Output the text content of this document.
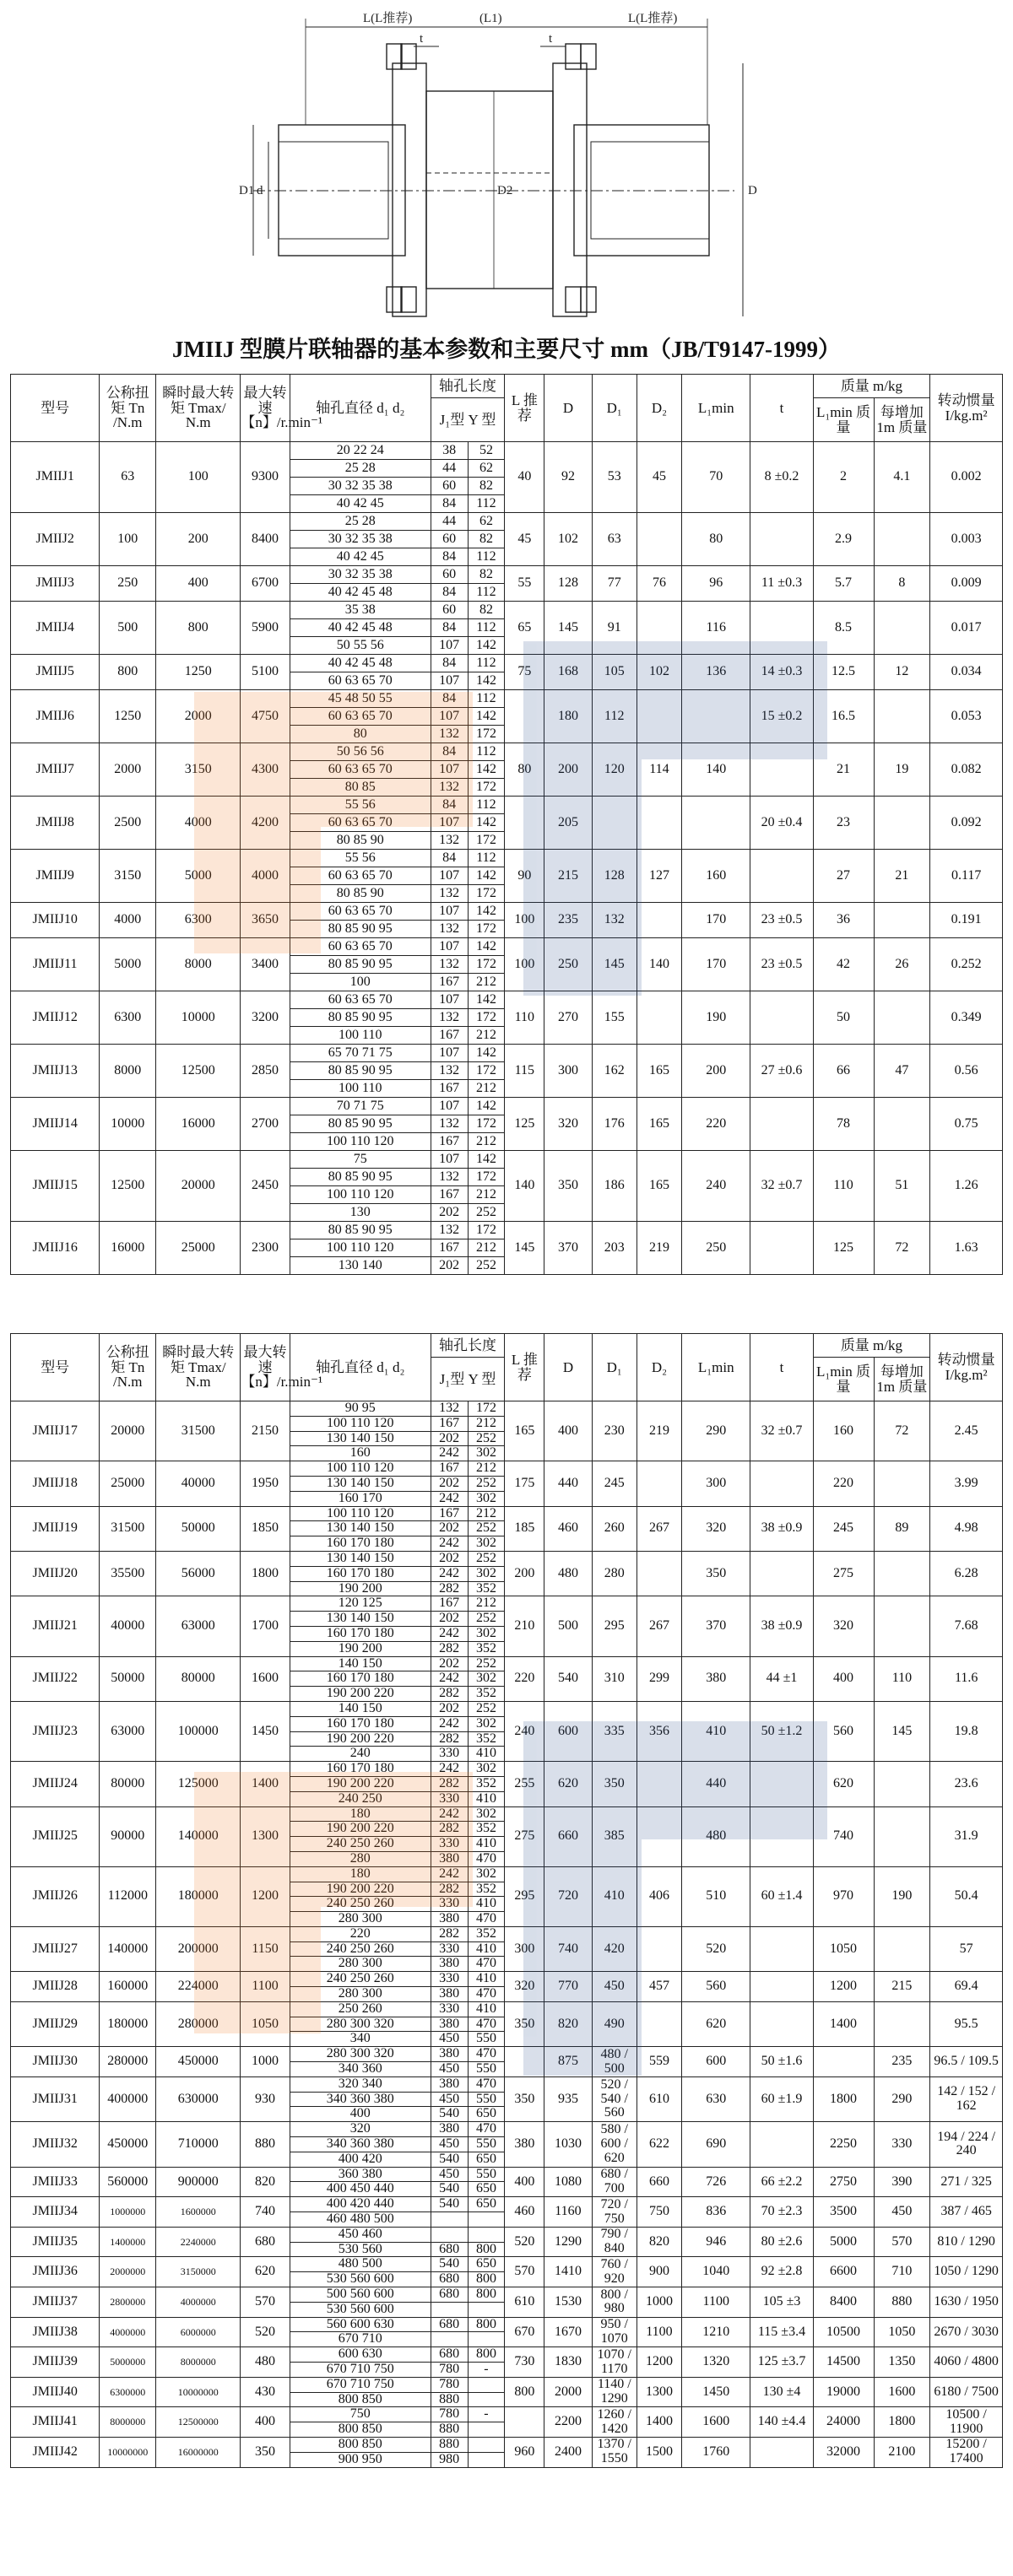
L(L推荐)	(L1)	L(L推荐)
t	t
D1 d	D2	D
JMIIJ 型膜片联轴器的基本参数和主要尺寸 mm（JB/T9147-1999）
型号	公称扭矩 Tn /N.m	瞬时最大转矩 Tmax/ N.m	最大转速【n】/r.min⁻¹	轴孔直径 d₁ d₂	轴孔长度		L 推荐	D	D₁	D₂	L₁min	t	质量 m/kg		转动惯量 I/kg.m²
					J₁型 Y 型								L₁min 质量	每增加1m 质量	
JMIIJ1	63	100	9300	20 22 24	38	52	40	92	53	45	70	8 ±0.2	2	4.1	0.002
				25 28	44	62									
				30 32 35 38	60	82									
				40 42 45	84	112									
JMIIJ2	100	200	8400	25 28	44	62	45	102	63		80		2.9		0.003
				30 32 35 38	60	82									
				40 42 45	84	112									
JMIIJ3	250	400	6700	30 32 35 38	60	82	55	128	77	76	96	11 ±0.3	5.7	8	0.009
				40 42 45 48	84	112									
JMIIJ4	500	800	5900	35 38	60	82	65	145	91		116		8.5		0.017
				40 42 45 48	84	112									
				50 55 56	107	142									
JMIIJ5	800	1250	5100	40 42 45 48	84	112	75	168	105	102	136	14 ±0.3	12.5	12	0.034
				60 63 65 70	107	142									
JMIIJ6	1250	2000	4750	45 48 50 55	84	112		180	112			15 ±0.2	16.5		0.053
				60 63 65 70	107	142									
				80	132	172									
JMIIJ7	2000	3150	4300	50 56 56	84	112	80	200	120	114	140		21	19	0.082
				60 63 65 70	107	142									
				80 85	132	172									
JMIIJ8	2500	4000	4200	55 56	84	112		205				20 ±0.4	23		0.092
				60 63 65 70	107	142									
				80 85 90	132	172									
JMIIJ9	3150	5000	4000	55 56	84	112	90	215	128	127	160		27	21	0.117
				60 63 65 70	107	142									
				80 85 90	132	172									
JMIIJ10	4000	6300	3650	60 63 65 70	107	142	100	235	132		170	23 ±0.5	36		0.191
				80 85 90 95	132	172									
JMIIJ11	5000	8000	3400	60 63 65 70	107	142	100	250	145	140	170	23 ±0.5	42	26	0.252
				80 85 90 95	132	172									
				100	167	212									
JMIIJ12	6300	10000	3200	60 63 65 70	107	142	110	270	155		190		50		0.349
				80 85 90 95	132	172									
				100 110	167	212									
JMIIJ13	8000	12500	2850	65 70 71 75	107	142	115	300	162	165	200	27 ±0.6	66	47	0.56
				80 85 90 95	132	172									
				100 110	167	212									
JMIIJ14	10000	16000	2700	70 71 75	107	142	125	320	176	165	220		78		0.75
				80 85 90 95	132	172									
				100 110 120	167	212									
JMIIJ15	12500	20000	2450	75	107	142	140	350	186	165	240	32 ±0.7	110	51	1.26
				80 85 90 95	132	172									
				100 110 120	167	212									
				130	202	252									
JMIIJ16	16000	25000	2300	80 85 90 95	132	172	145	370	203	219	250		125	72	1.63
				100 110 120	167	212									
				130 140	202	252									
型号	公称扭矩 Tn /N.m	瞬时最大转矩 Tmax/ N.m	最大转速【n】/r.min⁻¹	轴孔直径 d₁ d₂	轴孔长度		L 推荐	D	D₁	D₂	L₁min	t	质量 m/kg		转动惯量 I/kg.m²
					J₁型 Y 型								L₁min 质量	每增加1m 质量	
JMIIJ17	20000	31500	2150	90 95	132	172	165	400	230	219	290	32 ±0.7	160	72	2.45
				100 110 120	167	212									
				130 140 150	202	252									
				160	242	302									
JMIIJ18	25000	40000	1950	100 110 120	167	212	175	440	245		300		220		3.99
				130 140 150	202	252									
				160 170	242	302									
JMIIJ19	31500	50000	1850	100 110 120	167	212	185	460	260	267	320	38 ±0.9	245	89	4.98
				130 140 150	202	252									
				160 170 180	242	302									
JMIIJ20	35500	56000	1800	130 140 150	202	252	200	480	280		350		275		6.28
				160 170 180	242	302									
				190 200	282	352									
JMIIJ21	40000	63000	1700	120 125	167	212	210	500	295	267	370	38 ±0.9	320		7.68
				130 140 150	202	252									
				160 170 180	242	302									
				190 200	282	352									
JMIIJ22	50000	80000	1600	140 150	202	252	220	540	310	299	380	44 ±1	400	110	11.6
				160 170 180	242	302									
				190 200 220	282	352									
JMIIJ23	63000	100000	1450	140 150	202	252	240	600	335	356	410	50 ±1.2	560	145	19.8
				160 170 180	242	302									
				190 200 220	282	352									
				240	330	410									
JMIIJ24	80000	125000	1400	160 170 180	242	302	255	620	350		440		620		23.6
				190 200 220	282	352									
				240 250	330	410									
JMIIJ25	90000	140000	1300	180	242	302	275	660	385		480		740		31.9
				190 200 220	282	352									
				240 250 260	330	410									
				280	380	470									
JMIIJ26	112000	180000	1200	180	242	302	295	720	410	406	510	60 ±1.4	970	190	50.4
				190 200 220	282	352									
				240 250 260	330	410									
				280 300	380	470									
JMIIJ27	140000	200000	1150	220	282	352	300	740	420		520		1050		57
				240 250 260	330	410									
				280 300	380	470									
JMIIJ28	160000	224000	1100	240 250 260	330	410	320	770	450	457	560		1200	215	69.4
				280 300	380	470									
JMIIJ29	180000	280000	1050	250 260	330	410	350	820	490		620		1400		95.5
				280 300 320	380	470									
				340	450	550									
JMIIJ30	280000	450000	1000	280 300 320	380	470		875	480 / 500	559	600	50 ±1.6		235	96.5 / 109.5
				340 360	450	550									
JMIIJ31	400000	630000	930	320 340	380	470	350	935	520 / 540 / 560	610	630	60 ±1.9	1800	290	142 / 152 / 162
				340 360 380	450	550									
				400	540	650									
JMIIJ32	450000	710000	880	320	380	470	380	1030	580 / 600 / 620	622	690		2250	330	194 / 224 / 240
				340 360 380	450	550									
				400 420	540	650									
JMIIJ33	560000	900000	820	360 380	450	550	400	1080	680 / 700	660	726	66 ±2.2	2750	390	271 / 325
				400 450 440	540	650									
JMIIJ34	1000000	1600000	740	400 420 440	540	650	460	1160	720 / 750	750	836	70 ±2.3	3500	450	387 / 465
				460 480 500											
JMIIJ35	1400000	2240000	680	450 460			520	1290	790 / 840	820	946	80 ±2.6	5000	570	810 / 1290
				530 560	680	800									
JMIIJ36	2000000	3150000	620	480 500	540	650	570	1410	760 / 920	900	1040	92 ±2.8	6600	710	1050 / 1290
				530 560 600	680	800									
JMIIJ37	2800000	4000000	570	500 560 600	680	800	610	1530	800 / 980	1000	1100	105 ±3	8400	880	1630 / 1950
				530 560 600											
JMIIJ38	4000000	6000000	520	560 600 630	680	800	670	1670	950 / 1070	1100	1210	115 ±3.4	10500	1050	2670 / 3030
				670 710											
JMIIJ39	5000000	8000000	480	600 630	680	800	730	1830	1070 / 1170	1200	1320	125 ±3.7	14500	1350	4060 / 4800
				670 710 750	780	-									
JMIIJ40	6300000	10000000	430	670 710 750	780		800	2000	1140 / 1290	1300	1450	130 ±4	19000	1600	6180 / 7500
				800 850	880										
JMIIJ41	8000000	12500000	400	750	780	-		2200	1260 / 1420	1400	1600	140 ±4.4	24000	1800	10500 / 11900
				800 850	880										
JMIIJ42	10000000	16000000	350	800 850	880		960	2400	1370 / 1550	1500	1760		32000	2100	15200 / 17400
				900 950	980										
